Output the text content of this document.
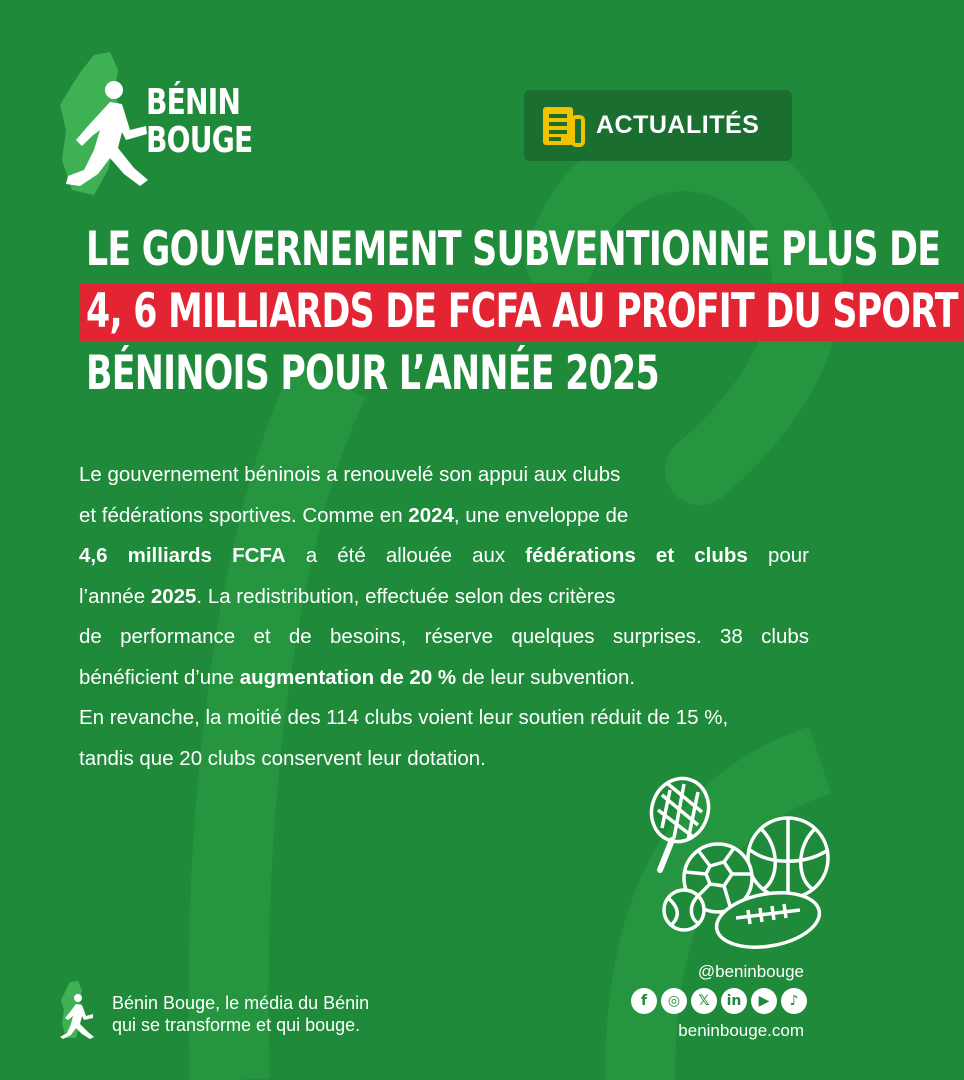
BÉNIN
BOUGE	ACTUALITÉS
LE GOUVERNEMENT SUBVENTIONNE PLUS DE
4, 6 MILLIARDS DE FCFA AU PROFIT DU SPORT
BÉNINOIS POUR L’ANNÉE 2025
Le gouvernement béninois a renouvelé son appui aux clubs
et fédérations sportives. Comme en 2024, une enveloppe de
4,6 milliards FCFA a été allouée aux fédérations et clubs pour
l’année 2025. La redistribution, effectuée selon des critères
de performance et de besoins, réserve quelques surprises. 38 clubs
bénéficient d’une augmentation de 20 % de leur subvention.
En revanche, la moitié des 114 clubs voient leur soutien réduit de 15 %,
tandis que 20 clubs conservent leur dotation.
Bénin Bouge, le média du Bénin
qui se transforme et qui bouge.
@beninbouge
f	◎	𝕏	in	▶	♪
beninbouge.com
